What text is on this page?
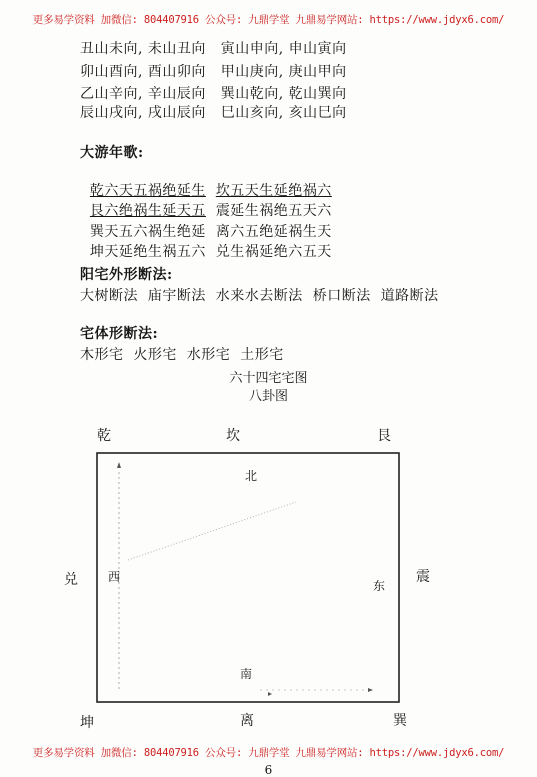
更多易学资料 加微信: 804407916 公众号: 九鼎学堂 九鼎易学网站: https://www.jdyx6.com/
丑山未向, 未山丑向   寅山申向, 申山寅向
卯山酉向, 酉山卯向   甲山庚向, 庚山甲向
乙山辛向, 辛山辰向   巽山乾向, 乾山巽向
辰山戌向, 戌山辰向   巳山亥向, 亥山巳向
大游年歌:

乾六天五祸绝延生 坎五天生延绝祸六

艮六绝祸生延天五 震延生祸绝五天六

巽天五六祸生绝延 离六五绝延祸生天

坤天延绝生祸五六 兑生祸延绝六五天

阳宅外形断法:
大树断法  庙宇断法  水来水去断法  桥口断法  道路断法
宅体形断法:
木形宅  火形宅  水形宅  土形宅
六十四宅宅图
八卦图
乾	坎	艮
兑	震
坤	离	巽
北
西
东
南
更多易学资料 加微信: 804407916 公众号: 九鼎学堂 九鼎易学网站: https://www.jdyx6.com/
6
